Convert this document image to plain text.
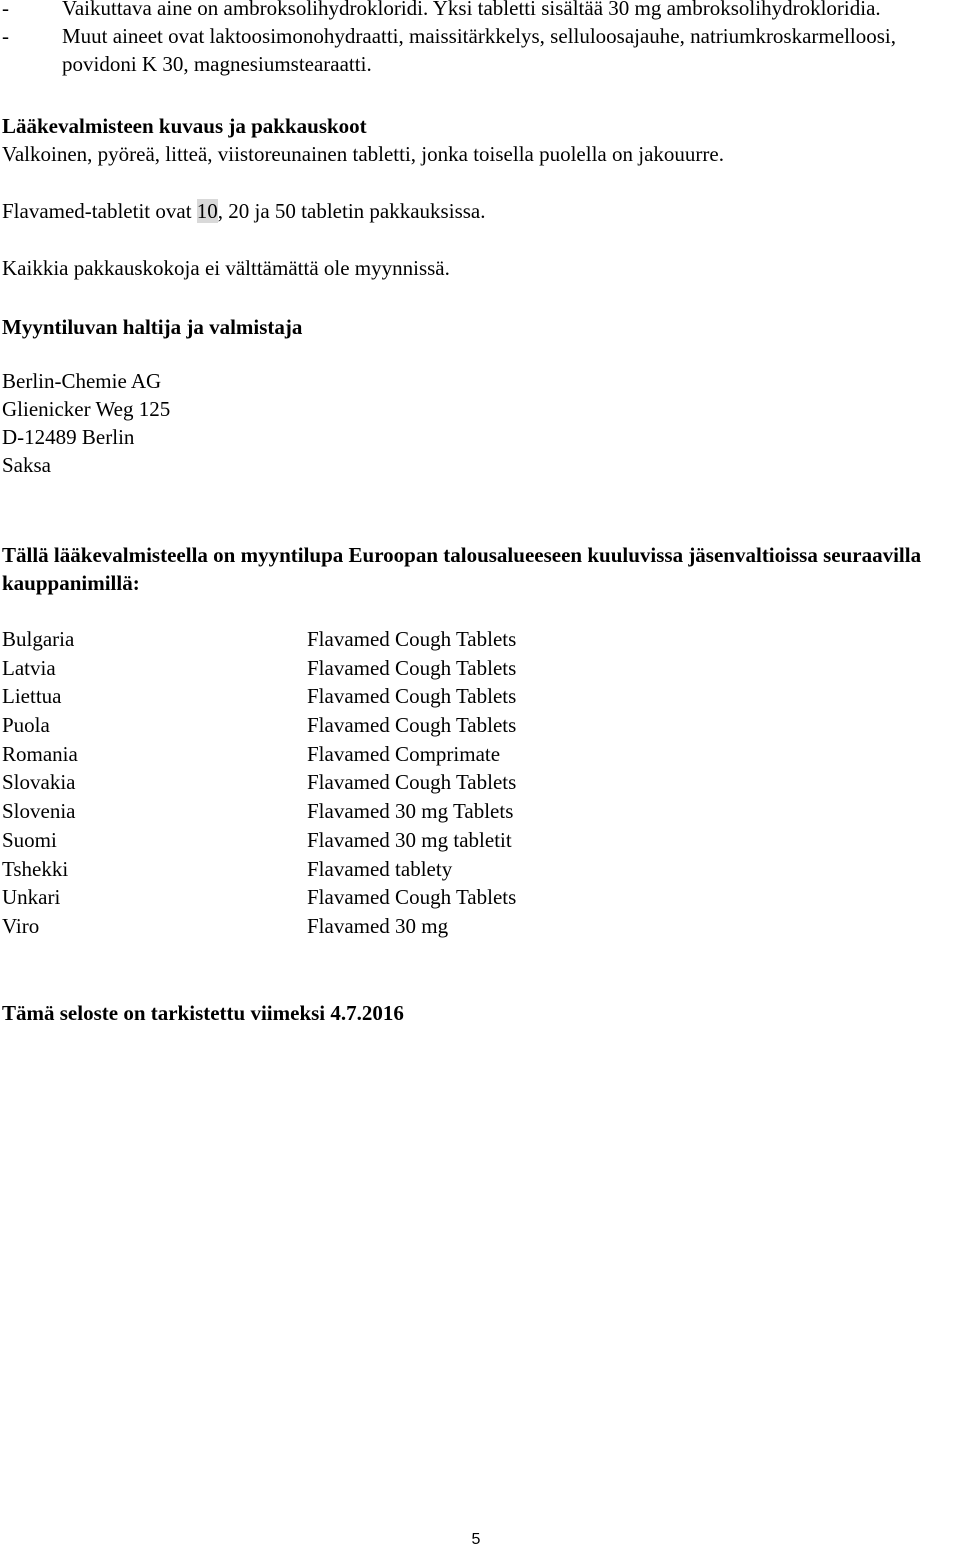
-	Vaikuttava aine on ambroksolihydrokloridi. Yksi tabletti sisältää 30 mg ambroksolihydrokloridia.
-	Muut aineet ovat laktoosimonohydraatti, maissitärkkelys, selluloosajauhe, natriumkroskarmelloosi, povidoni K 30, magnesiumstearaatti.
Lääkevalmisteen kuvaus ja pakkauskoot
Valkoinen, pyöreä, litteä, viistoreunainen tabletti, jonka toisella puolella on jakouurre.
Flavamed-tabletit ovat 10, 20 ja 50 tabletin pakkauksissa.
Kaikkia pakkauskokoja ei välttämättä ole myynnissä.
Myyntiluvan haltija ja valmistaja
Berlin-Chemie AG
Glienicker Weg 125
D-12489 Berlin
Saksa
Tällä lääkevalmisteella on myyntilupa Euroopan talousalueeseen kuuluvissa jäsenvaltioissa seuraavilla kauppanimillä:
Bulgaria	Flavamed Cough Tablets
Latvia	Flavamed Cough Tablets
Liettua	Flavamed Cough Tablets
Puola	Flavamed Cough Tablets
Romania	Flavamed Comprimate
Slovakia	Flavamed Cough Tablets
Slovenia	Flavamed 30 mg Tablets
Suomi	Flavamed 30 mg tabletit
Tshekki	Flavamed tablety
Unkari	Flavamed Cough Tablets
Viro	Flavamed 30 mg
Tämä seloste on tarkistettu viimeksi 4.7.2016
5
